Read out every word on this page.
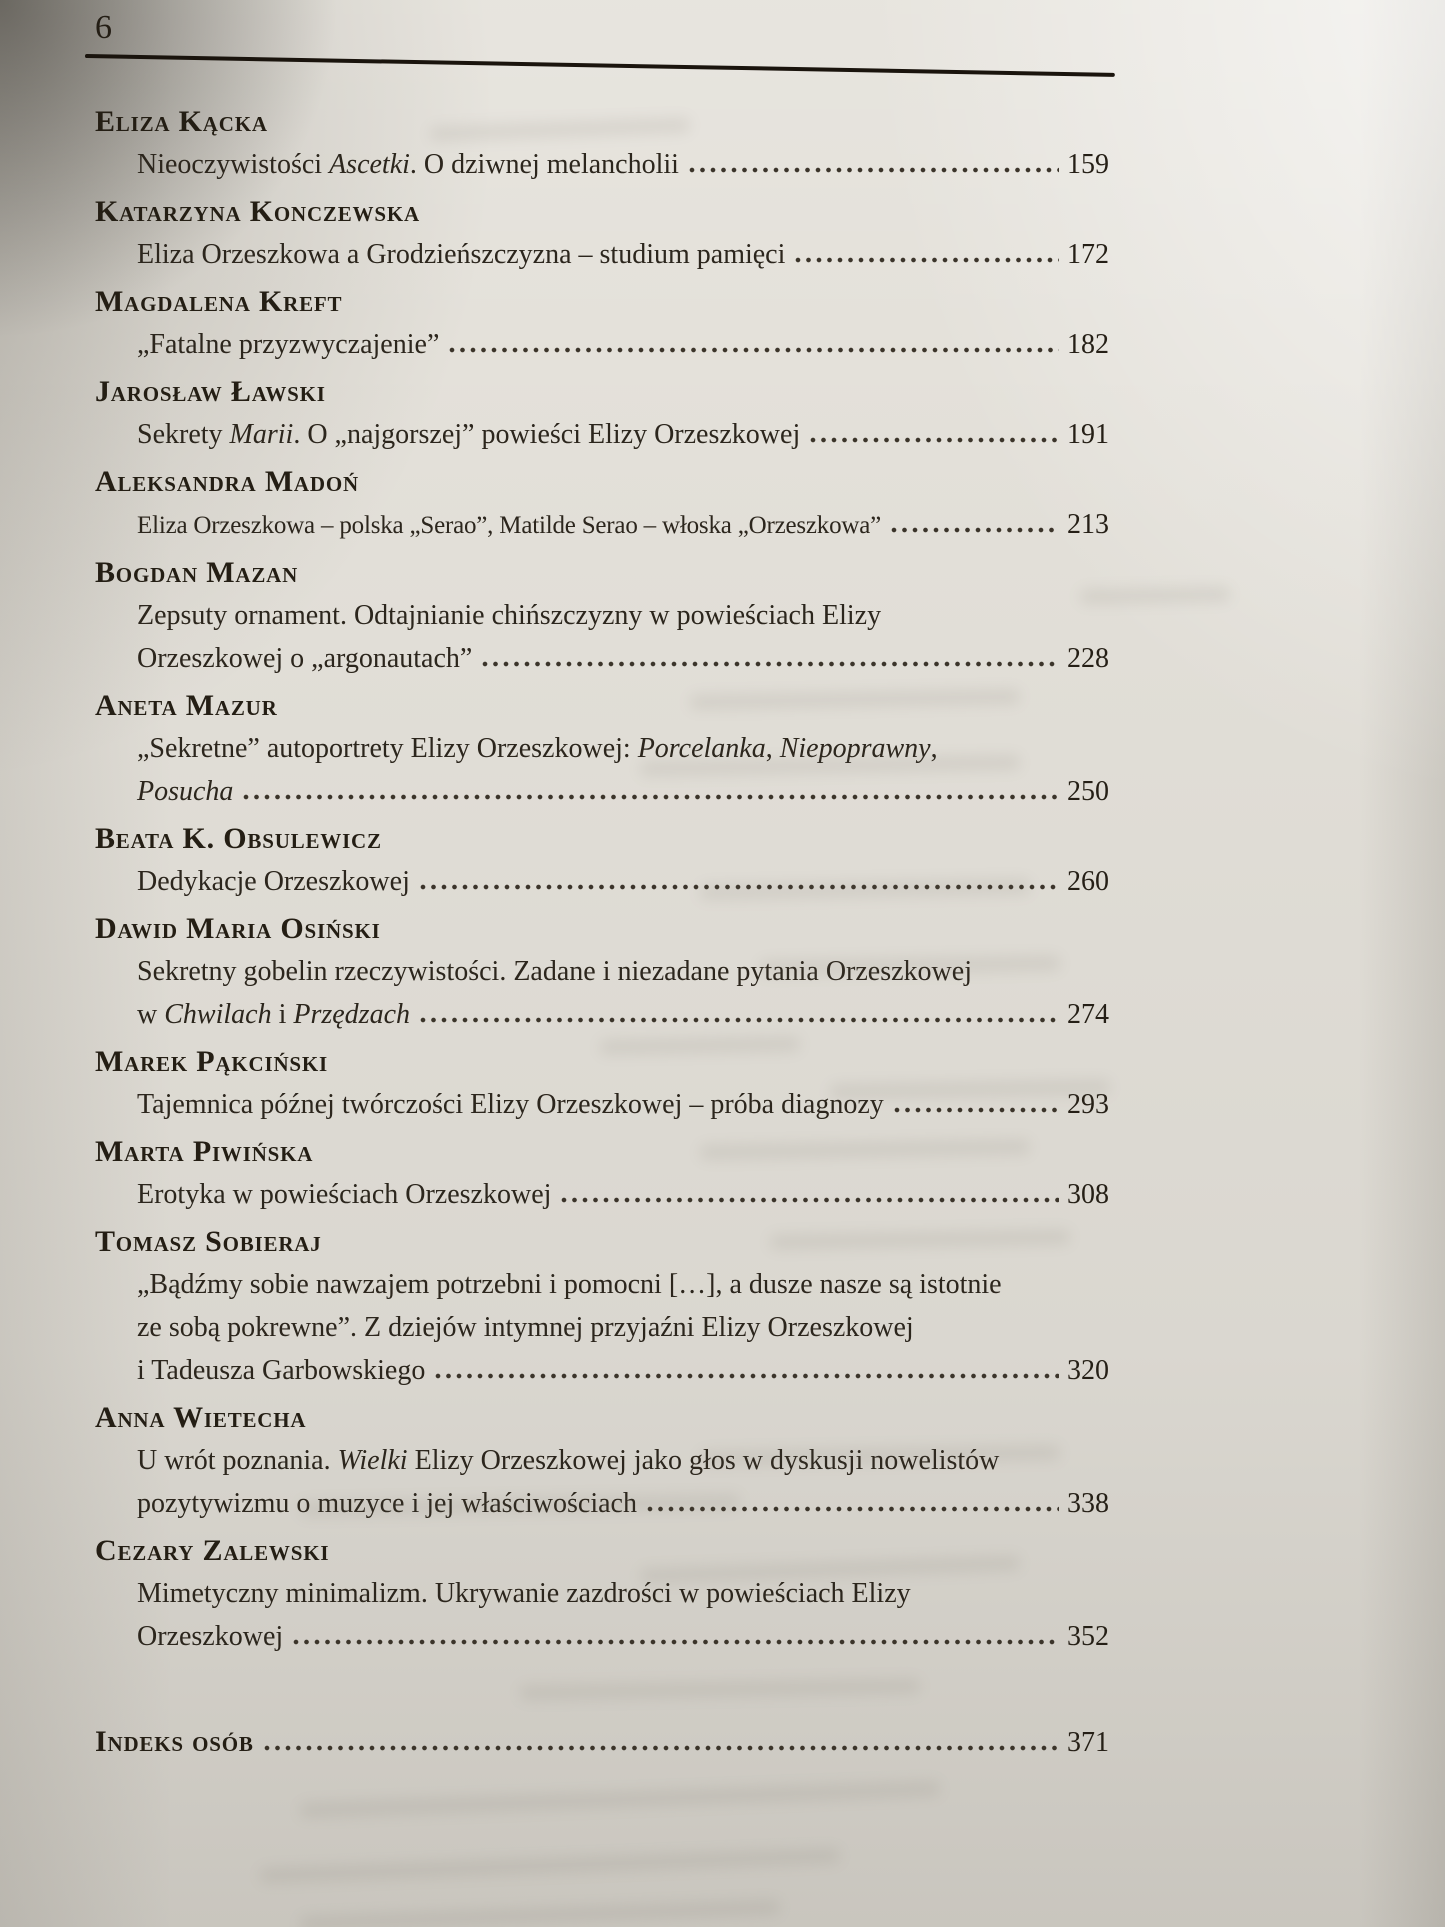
6
Eliza Kącka
Nieoczywistości Ascetki. O dziwnej melancholii	159
Katarzyna Konczewska
Eliza Orzeszkowa a Grodzieńszczyzna – studium pamięci	172
Magdalena Kreft
„Fatalne przyzwyczajenie”	182
Jarosław Ławski
Sekrety Marii. O „najgorszej” powieści Elizy Orzeszkowej	191
Aleksandra Madoń
Eliza Orzeszkowa – polska „Serao”, Matilde Serao – włoska „Orzeszkowa”	213
Bogdan Mazan
Zepsuty ornament. Odtajnianie chińszczyzny w powieściach Elizy
Orzeszkowej o „argonautach”	228
Aneta Mazur
„Sekretne” autoportrety Elizy Orzeszkowej: Porcelanka, Niepoprawny,
Posucha	250
Beata K. Obsulewicz
Dedykacje Orzeszkowej	260
Dawid Maria Osiński
Sekretny gobelin rzeczywistości. Zadane i niezadane pytania Orzeszkowej
w Chwilach i Przędzach	274
Marek Pąkciński
Tajemnica późnej twórczości Elizy Orzeszkowej – próba diagnozy	293
Marta Piwińska
Erotyka w powieściach Orzeszkowej	308
Tomasz Sobieraj
„Bądźmy sobie nawzajem potrzebni i pomocni […], a dusze nasze są istotnie
ze sobą pokrewne”. Z dziejów intymnej przyjaźni Elizy Orzeszkowej
i Tadeusza Garbowskiego	320
Anna Wietecha
U wrót poznania. Wielki Elizy Orzeszkowej jako głos w dyskusji nowelistów
pozytywizmu o muzyce i jej właściwościach	338
Cezary Zalewski
Mimetyczny minimalizm. Ukrywanie zazdrości w powieściach Elizy
Orzeszkowej	352
Indeks osób	371
